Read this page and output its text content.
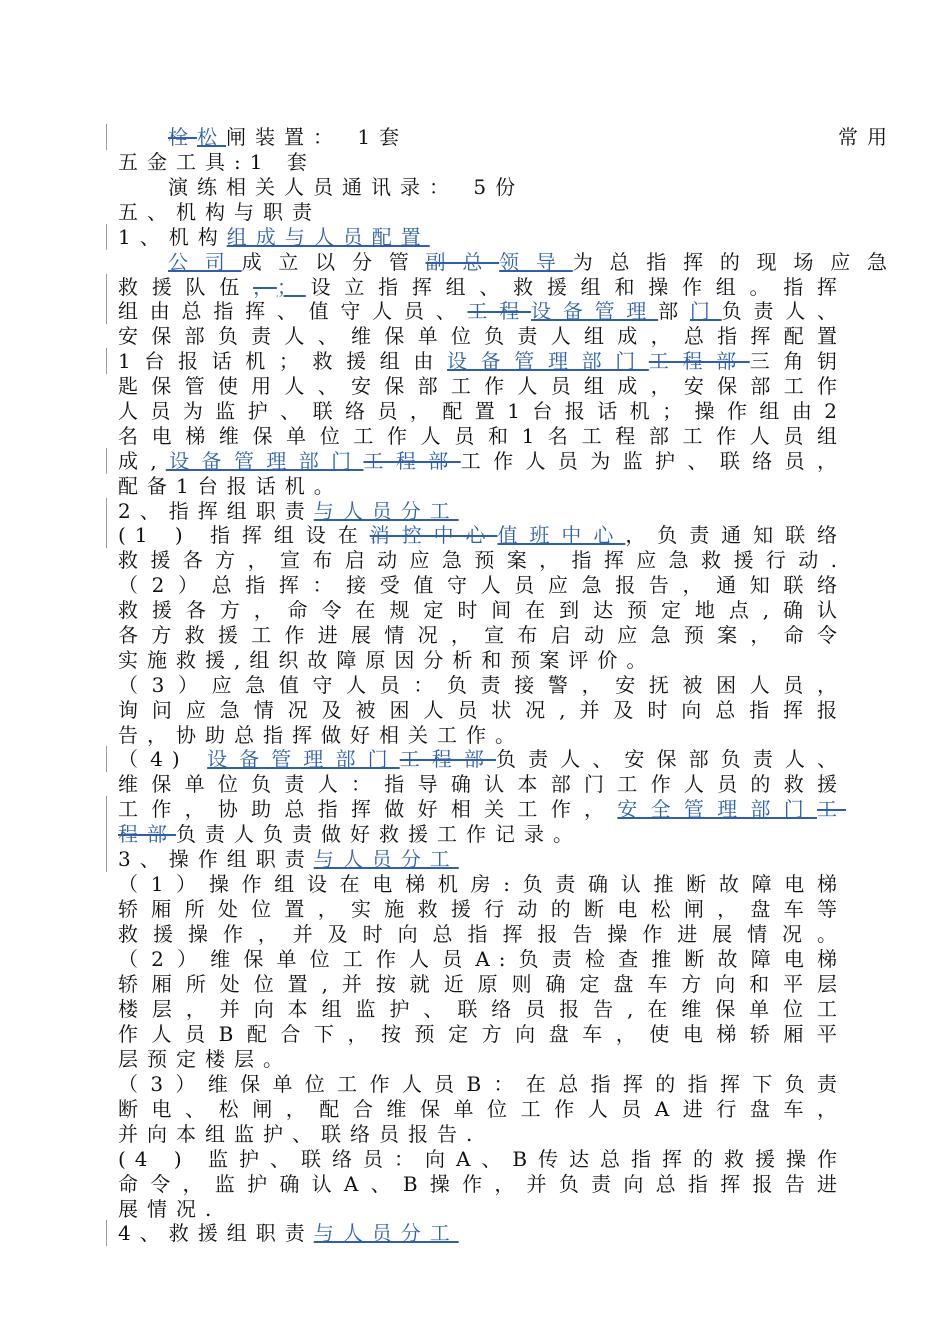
栓松闸装置： 1套	常用
五金工具:1 套
演练相关人员通讯录： 5份
五、机构与职责
1、机构组成与人员配置
公司成立以分管副总领导为总指挥的现场应急
救援队伍，；设立指挥组、救援组和操作组。指挥
组由总指挥、值守人员、工程设备管理部门负责人、
安保部负责人、维保单位负责人组成，总指挥配置
1台报话机；救援组由设备管理部门工程部三角钥
匙保管使用人、安保部工作人员组成，安保部工作
人员为监护、联络员，配置1台报话机；操作组由2
名电梯维保单位工作人员和1名工程部工作人员组
成,设备管理部门工程部工作人员为监护、联络员，
配备1台报话机。
2、指挥组职责与人员分工
(1 ) 指挥组设在消控中心值班中心，负责通知联络
救援各方，宣布启动应急预案，指挥应急救援行动.
（2）总指挥：接受值守人员应急报告，通知联络
救援各方，命令在规定时间在到达预定地点,确认
各方救援工作进展情况，宣布启动应急预案，命令
实施救援,组织故障原因分析和预案评价。
（3）应急值守人员：负责接警，安抚被困人员，
询问应急情况及被困人员状况,并及时向总指挥报
告，协助总指挥做好相关工作。
（4) 设备管理部门工程部负责人、安保部负责人、
维保单位负责人：指导确认本部门工作人员的救援
工作，协助总指挥做好相关工作，安全管理部门工
程部负责人负责做好救援工作记录。
3、操作组职责与人员分工
（1）操作组设在电梯机房:负责确认推断故障电梯
轿厢所处位置，实施救援行动的断电松闸，盘车等
救援操作，并及时向总指挥报告操作进展情况。
（2）维保单位工作人员A:负责检查推断故障电梯
轿厢所处位置,并按就近原则确定盘车方向和平层
楼层，并向本组监护、联络员报告,在维保单位工
作人员B配合下，按预定方向盘车，使电梯轿厢平
层预定楼层。
（3）维保单位工作人员B：在总指挥的指挥下负责
断电、松闸，配合维保单位工作人员A进行盘车，
并向本组监护、联络员报告.
(4 ) 监护、联络员：向A、B传达总指挥的救援操作
命令，监护确认A、B操作，并负责向总指挥报告进
展情况.
4、救援组职责与人员分工
